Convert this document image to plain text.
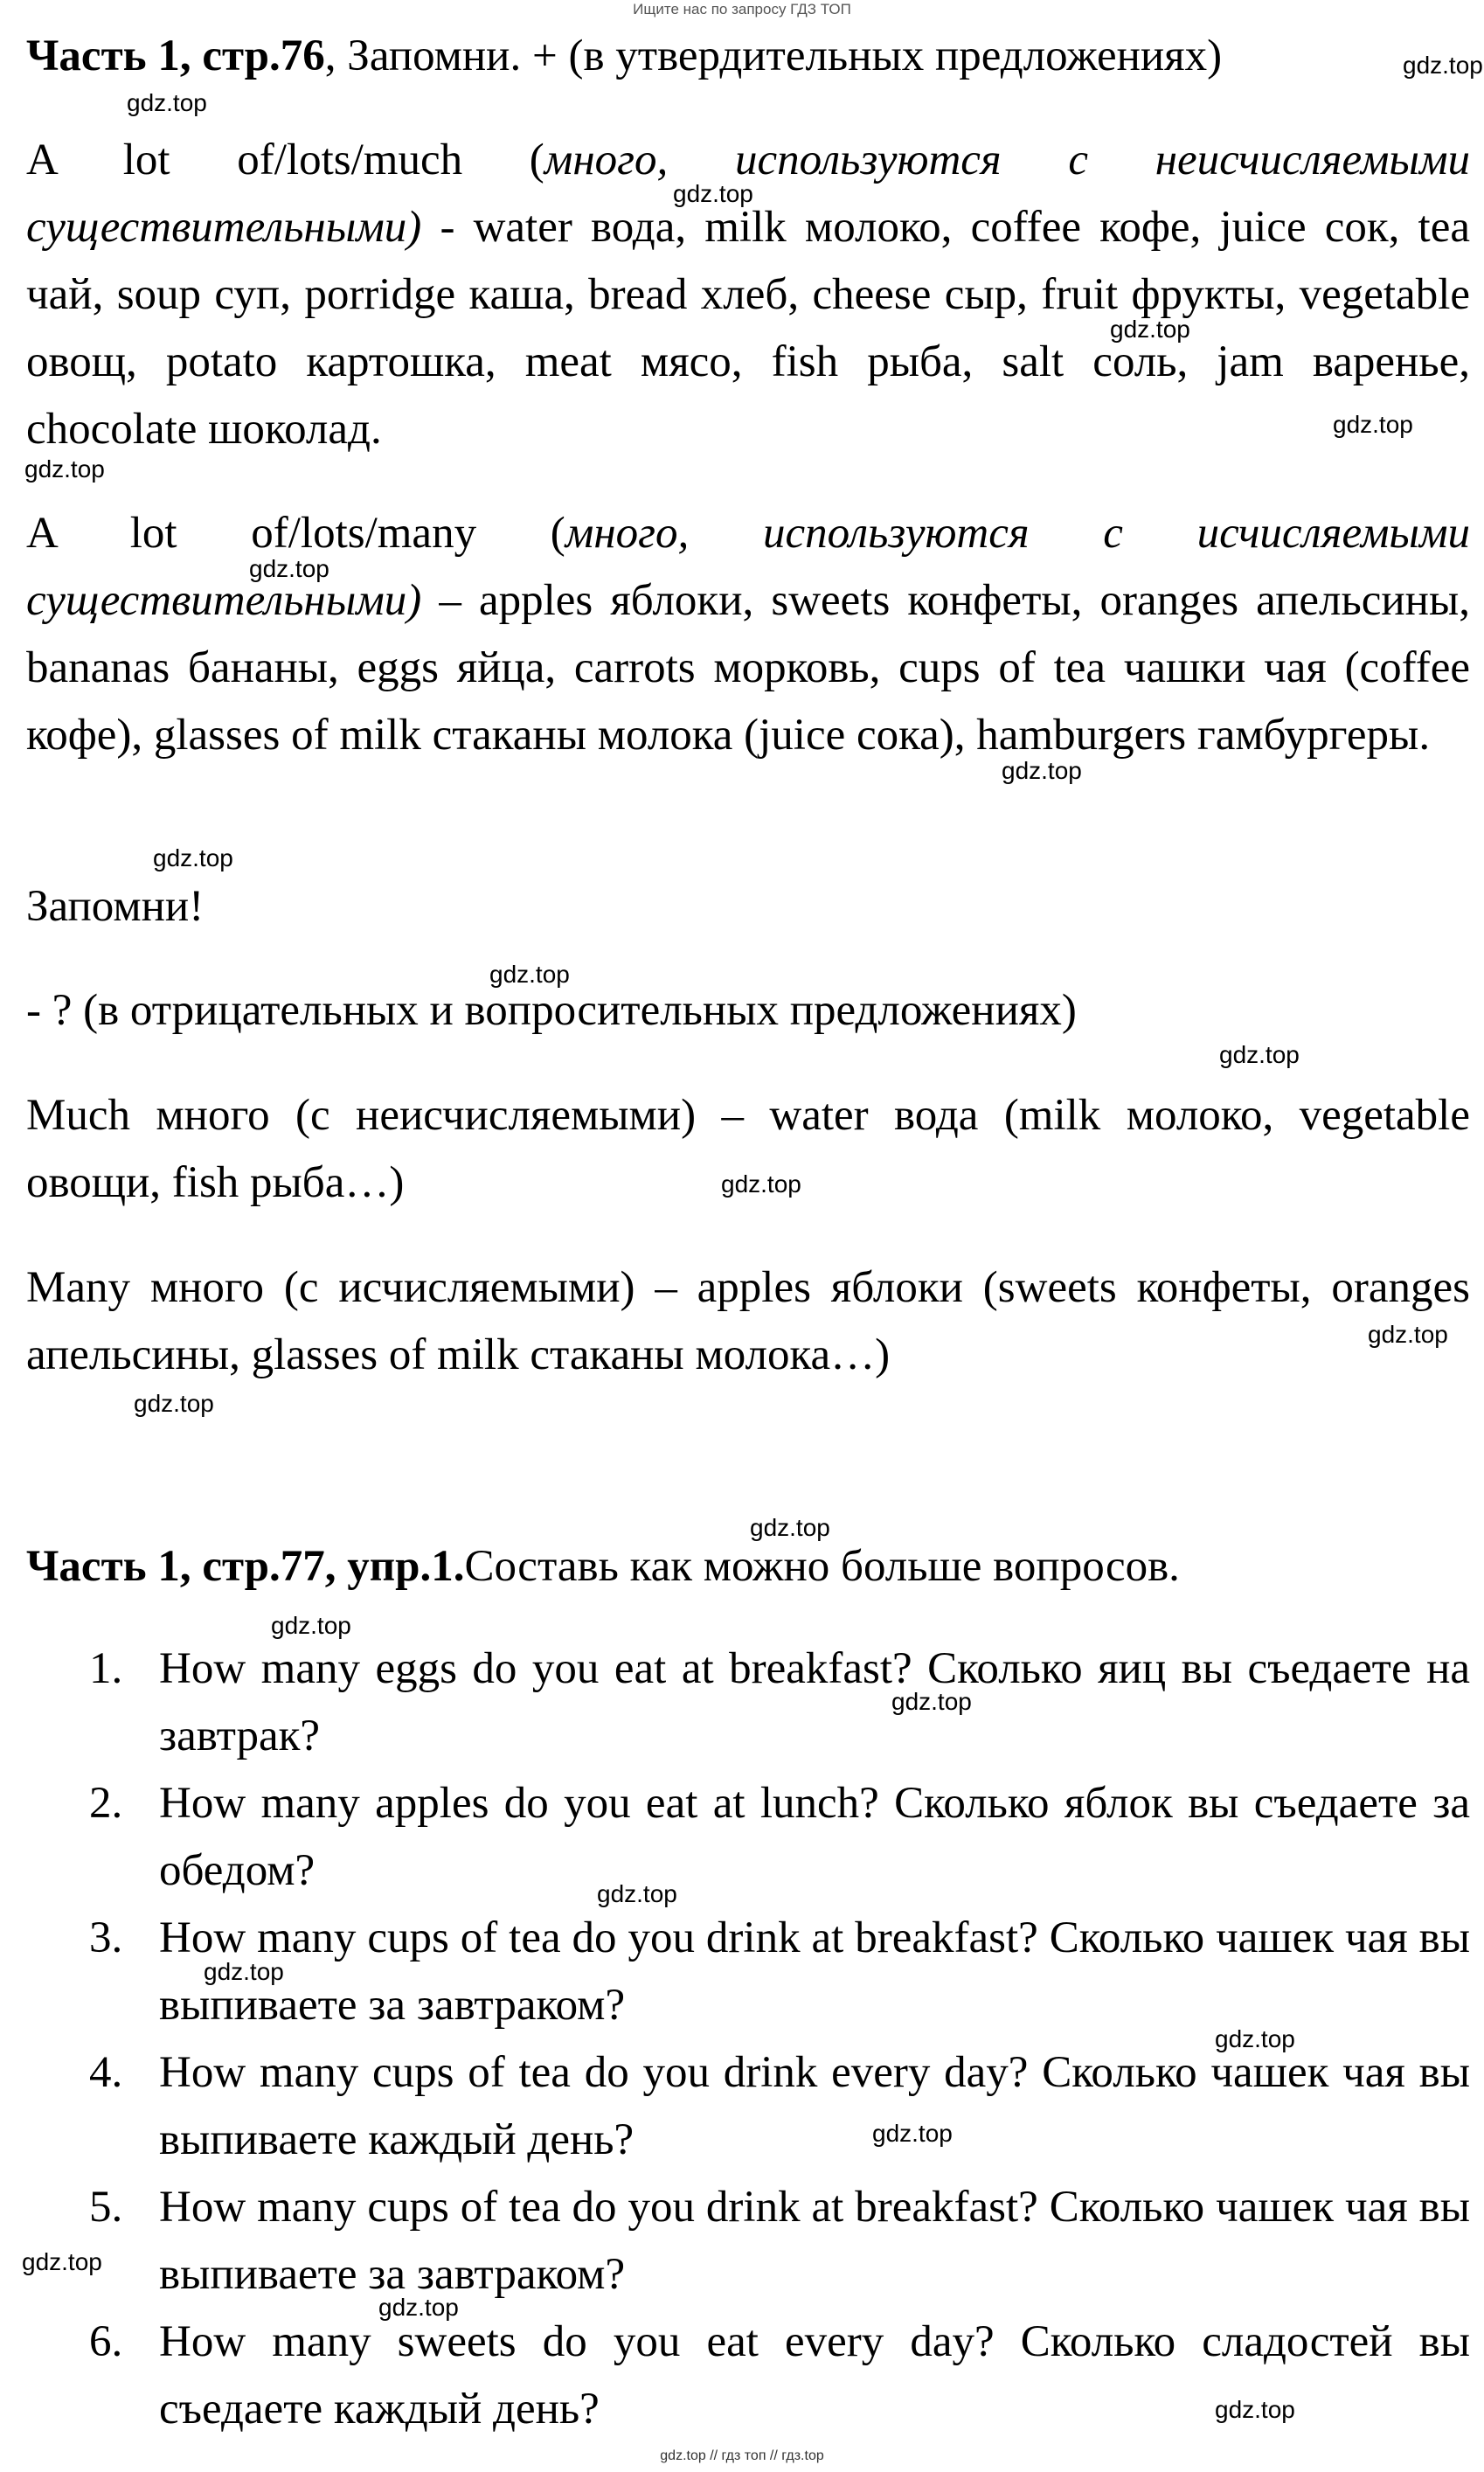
Ищите нас по запросу ГДЗ ТОП
Часть 1, стр.76, Запомни. + (в утвердительных предложениях)
A lot of/lots/much (много, используются с неисчисляемыми существительными) - water вода, milk молоко, coffee кофе, juice сок, tea чай, soup суп, porridge каша, bread хлеб, cheese сыр, fruit фрукты, vegetable овощ, potato картошка, meat мясо, fish рыба, salt соль, jam варенье, chocolate шоколад.
A lot of/lots/many (много, используются с исчисляемыми существительными) – apples яблоки, sweets конфеты, oranges апельсины, bananas бананы, eggs яйца, carrots морковь, cups of tea чашки чая (coffee кофе), glasses of milk стаканы молока (juice сока), hamburgers гамбургеры.
Запомни!
- ? (в отрицательных и вопросительных предложениях)
Much много (с неисчисляемыми) – water вода (milk молоко, vegetable овощи, fish рыба…)
Many много (с исчисляемыми) – apples яблоки (sweets конфеты, oranges апельсины, glasses of milk стаканы молока…)
Часть 1, стр.77, упр.1.Составь как можно больше вопросов.
1. How many eggs do you eat at breakfast? Сколько яиц вы съедаете на завтрак?
2. How many apples do you eat at lunch? Сколько яблок вы съедаете за обедом?
3. How many cups of tea do you drink at breakfast? Сколько чашек чая вы выпиваете за завтраком?
4. How many cups of tea do you drink every day? Сколько чашек чая вы выпиваете каждый день?
5. How many cups of tea do you drink at breakfast? Сколько чашек чая вы выпиваете за завтраком?
6. How many sweets do you eat every day? Сколько сладостей вы съедаете каждый день?
gdz.top
gdz.top
gdz.top
gdz.top
gdz.top
gdz.top
gdz.top
gdz.top
gdz.top
gdz.top
gdz.top
gdz.top
gdz.top
gdz.top
gdz.top
gdz.top
gdz.top
gdz.top
gdz.top
gdz.top
gdz.top
gdz.top
gdz.top
gdz.top
gdz.top // гдз топ // гдз.top
